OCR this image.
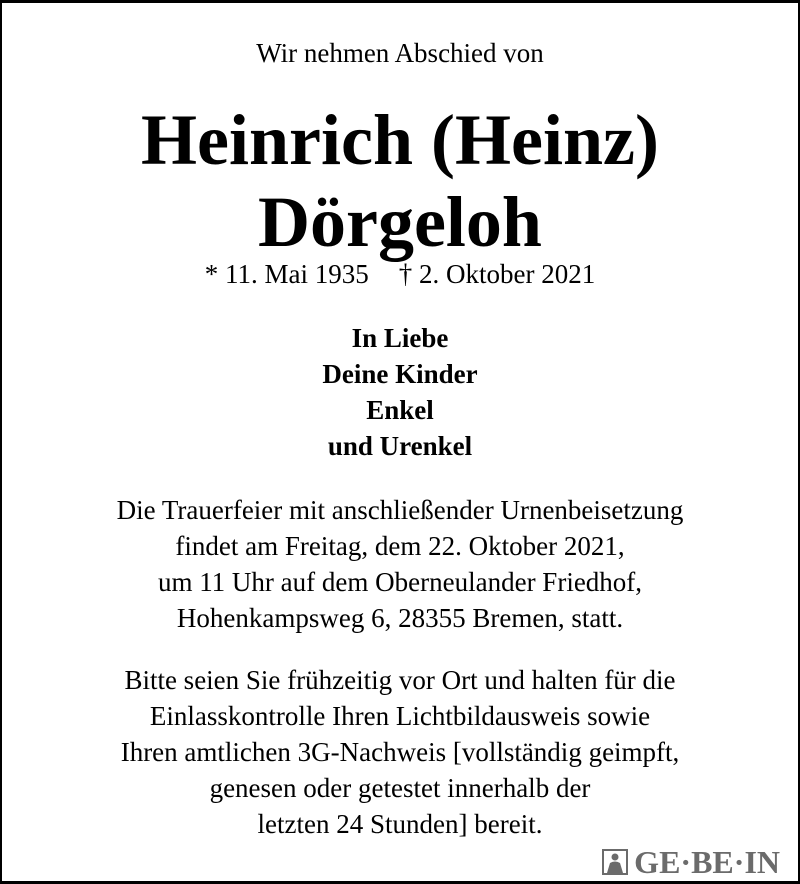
Wir nehmen Abschied von
Heinrich (Heinz)
Dörgeloh
* 11. Mai 1935 † 2. Oktober 2021
In Liebe
Deine Kinder
Enkel
und Urenkel
Die Trauerfeier mit anschließender Urnenbeisetzung
findet am Freitag, dem 22. Oktober 2021,
um 11 Uhr auf dem Oberneulander Friedhof,
Hohenkampsweg 6, 28355 Bremen, statt.
Bitte seien Sie frühzeitig vor Ort und halten für die
Einlasskontrolle Ihren Lichtbildausweis sowie
Ihren amtlichen 3G-Nachweis [vollständig geimpft,
genesen oder getestet innerhalb der
letzten 24 Stunden] bereit.
GE·BE·IN
